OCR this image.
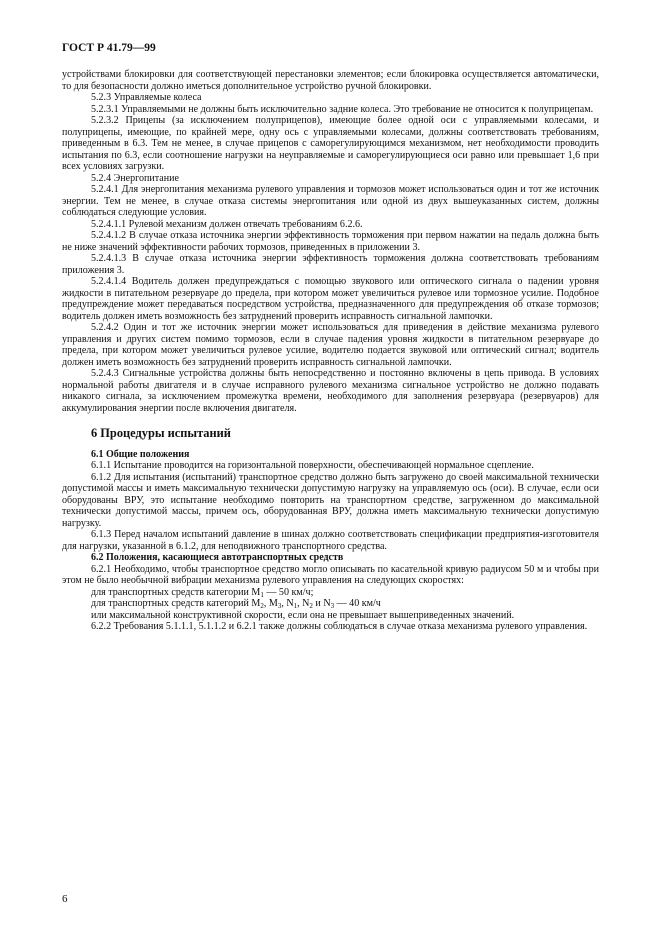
ГОСТ Р 41.79—99
устройствами блокировки для соответствующей перестановки элементов; если блокировка осуществляется автоматически, то для безопасности должно иметься дополнительное устройство ручной блокировки.
5.2.3 Управляемые колеса
5.2.3.1 Управляемыми не должны быть исключительно задние колеса. Это требование не относится к полуприцепам.
5.2.3.2 Прицепы (за исключением полуприцепов), имеющие более одной оси с управляемыми колесами, и полуприцепы, имеющие, по крайней мере, одну ось с управляемыми колесами, должны соответствовать требованиям, приведенным в 6.3. Тем не менее, в случае прицепов с саморегулирующимся механизмом, нет необходимости проводить испытания по 6.3, если соотношение нагрузки на неуправляемые и саморегулирующиеся оси равно или превышает 1,6 при всех условиях загрузки.
5.2.4 Энергопитание
5.2.4.1 Для энергопитания механизма рулевого управления и тормозов может использоваться один и тот же источник энергии. Тем не менее, в случае отказа системы энергопитания или одной из двух вышеуказанных систем, должны соблюдаться следующие условия.
5.2.4.1.1 Рулевой механизм должен отвечать требованиям 6.2.6.
5.2.4.1.2 В случае отказа источника энергии эффективность торможения при первом нажатии на педаль должна быть не ниже значений эффективности рабочих тормозов, приведенных в приложении 3.
5.2.4.1.3 В случае отказа источника энергии эффективность торможения должна соответствовать требованиям приложения 3.
5.2.4.1.4 Водитель должен предупреждаться с помощью звукового или оптического сигнала о падении уровня жидкости в питательном резервуаре до предела, при котором может увеличиться рулевое или тормозное усилие. Подобное предупреждение может передаваться посредством устройства, предназначенного для предупреждения об отказе тормозов; водитель должен иметь возможность без затруднений проверить исправность сигнальной лампочки.
5.2.4.2 Один и тот же источник энергии может использоваться для приведения в действие механизма рулевого управления и других систем помимо тормозов, если в случае падения уровня жидкости в питательном резервуаре до предела, при котором может увеличиться рулевое усилие, водителю подается звуковой или оптический сигнал; водитель должен иметь возможность без затруднений проверить исправность сигнальной лампочки.
5.2.4.3 Сигнальные устройства должны быть непосредственно и постоянно включены в цепь привода. В условиях нормальной работы двигателя и в случае исправного рулевого механизма сигнальное устройство не должно подавать никакого сигнала, за исключением промежутка времени, необходимого для заполнения резервуара (резервуаров) для аккумулирования энергии после включения двигателя.
6 Процедуры испытаний
6.1 Общие положения
6.1.1 Испытание проводится на горизонтальной поверхности, обеспечивающей нормальное сцепление.
6.1.2 Для испытания (испытаний) транспортное средство должно быть загружено до своей максимальной технически допустимой массы и иметь максимальную технически допустимую нагрузку на управляемую ось (оси). В случае, если оси оборудованы ВРУ, это испытание необходимо повторить на транспортном средстве, загруженном до максимальной технически допустимой массы, причем ось, оборудованная ВРУ, должна иметь максимальную технически допустимую нагрузку.
6.1.3 Перед началом испытаний давление в шинах должно соответствовать спецификации предприятия-изготовителя для нагрузки, указанной в 6.1.2, для неподвижного транспортного средства.
6.2 Положения, касающиеся автотранспортных средств
6.2.1 Необходимо, чтобы транспортное средство могло описывать по касательной кривую радиусом 50 м и чтобы при этом не было необычной вибрации механизма рулевого управления на следующих скоростях:
для транспортных средств категории $M_1$ — 50 км/ч;
для транспортных средств категорий $M_2$, $M_3$, $N_1$, $N_2$ и $N_3$ — 40 км/ч
или максимальной конструктивной скорости, если она не превышает вышеприведенных значений.
6.2.2 Требования 5.1.1.1, 5.1.1.2 и 6.2.1 также должны соблюдаться в случае отказа механизма рулевого управления.
6
